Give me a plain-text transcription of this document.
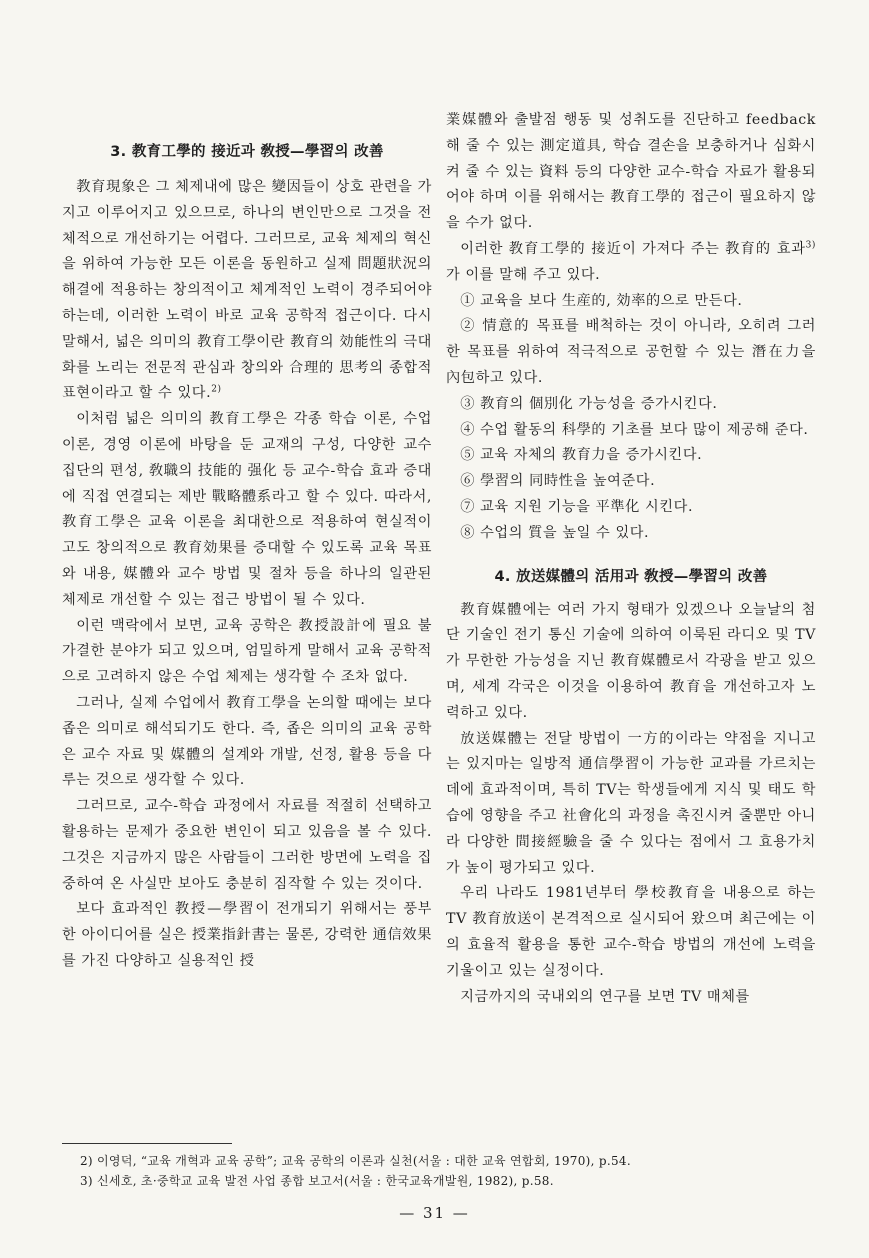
3. 教育工學的 接近과 敎授—學習의 改善

教育現象은 그 체제내에 많은 變因들이 상호 관련을 가지고 이루어지고 있으므로, 하나의 변인만으로 그것을 전체적으로 개선하기는 어렵다. 그러므로, 교육 체제의 혁신을 위하여 가능한 모든 이론을 동원하고 실제 問題狀況의 해결에 적용하는 창의적이고 체계적인 노력이 경주되어야 하는데, 이러한 노력이 바로 교육 공학적 접근이다. 다시 말해서, 넓은 의미의 教育工學이란 教育의 効能性의 극대화를 노리는 전문적 관심과 창의와 合理的 思考의 종합적 표현이라고 할 수 있다.$^{2)}$

이처럼 넓은 의미의 教育工學은 각종 학습 이론, 수업 이론, 경영 이론에 바탕을 둔 교재의 구성, 다양한 교수 집단의 편성, 敎職의 技能的 强化 등 교수-학습 효과 증대에 직접 연결되는 제반 戰略體系라고 할 수 있다. 따라서, 教育工學은 교육 이론을 최대한으로 적용하여 현실적이고도 창의적으로 教育効果를 증대할 수 있도록 교육 목표와 내용, 媒體와 교수 방법 및 절차 등을 하나의 일관된 체제로 개선할 수 있는 접근 방법이 될 수 있다.

이런 맥락에서 보면, 교육 공학은 教授設計에 필요 불가결한 분야가 되고 있으며, 엄밀하게 말해서 교육 공학적으로 고려하지 않은 수업 체제는 생각할 수 조차 없다.

그러나, 실제 수업에서 教育工學을 논의할 때에는 보다 좁은 의미로 해석되기도 한다. 즉, 좁은 의미의 교육 공학은 교수 자료 및 媒體의 설계와 개발, 선정, 활용 등을 다루는 것으로 생각할 수 있다.

그러므로, 교수-학습 과정에서 자료를 적절히 선택하고 활용하는 문제가 중요한 변인이 되고 있음을 볼 수 있다. 그것은 지금까지 많은 사람들이 그러한 방면에 노력을 집중하여 온 사실만 보아도 충분히 짐작할 수 있는 것이다.

보다 효과적인 教授—學習이 전개되기 위해서는 풍부한 아이디어를 실은 授業指針書는 물론, 강력한 通信效果를 가진 다양하고 실용적인 授

業媒體와 출발점 행동 및 성취도를 진단하고 feedback 해 줄 수 있는 測定道具, 학습 결손을 보충하거나 심화시켜 줄 수 있는 資料 등의 다양한 교수-학습 자료가 활용되어야 하며 이를 위해서는 教育工學的 접근이 필요하지 않을 수가 없다.

이러한 教育工學的 接近이 가져다 주는 教育的 효과$^{3)}$가 이를 말해 주고 있다.

① 교육을 보다 生産的, 効率的으로 만든다.

② 情意的 목표를 배척하는 것이 아니라, 오히려 그러한 목표를 위하여 적극적으로 공헌할 수 있는 潛在力을 內包하고 있다.

③ 教育의 個別化 가능성을 증가시킨다.

④ 수업 활동의 科學的 기초를 보다 많이 제공해 준다.

⑤ 교육 자체의 教育力을 증가시킨다.

⑥ 學習의 同時性을 높여준다.

⑦ 교육 지원 기능을 平準化 시킨다.

⑧ 수업의 質을 높일 수 있다.

4. 放送媒體의 活用과 敎授—學習의 改善

教育媒體에는 여러 가지 형태가 있겠으나 오늘날의 첨단 기술인 전기 통신 기술에 의하여 이룩된 라디오 및 TV가 무한한 가능성을 지닌 教育媒體로서 각광을 받고 있으며, 세계 각국은 이것을 이용하여 教育을 개선하고자 노력하고 있다.

放送媒體는 전달 방법이 一方的이라는 약점을 지니고는 있지마는 일방적 通信學習이 가능한 교과를 가르치는 데에 효과적이며, 특히 TV는 학생들에게 지식 및 태도 학습에 영향을 주고 社會化의 과정을 촉진시켜 줄뿐만 아니라 다양한 間接經驗을 줄 수 있다는 점에서 그 효용가치가 높이 평가되고 있다.

우리 나라도 1981년부터 學校教育을 내용으로 하는 TV 教育放送이 본격적으로 실시되어 왔으며 최근에는 이의 효율적 활용을 통한 교수-학습 방법의 개선에 노력을 기울이고 있는 실정이다.

지금까지의 국내외의 연구를 보면 TV 매체를

2) 이영덕, “교육 개혁과 교육 공학”; 교육 공학의 이론과 실천(서울 : 대한 교육 연합회, 1970), p.54.
3) 신세호, 초·중학교 교육 발전 사업 종합 보고서(서울 : 한국교육개발원, 1982), p.58.
— 31 —
